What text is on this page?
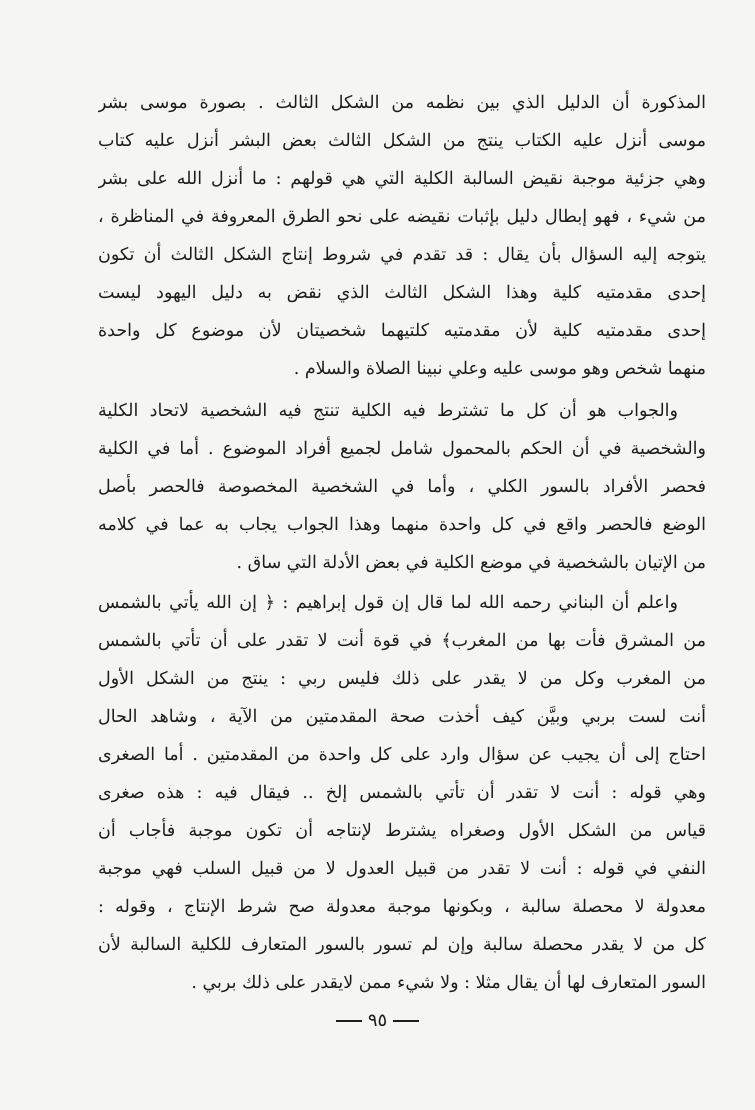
المذكورة أن الدليل الذي بين نظمه من الشكل الثالث . بصورة موسى بشر
موسى أنزل عليه الكتاب ينتج من الشكل الثالث بعض البشر أنزل عليه كتاب
وهي جزئية موجبة نقيض السالبة الكلية التي هي قولهم : ما أنزل الله على بشر
من شيء ، فهو إبطال دليل بإثبات نقيضه على نحو الطرق المعروفة في المناظرة ،
يتوجه إليه السؤال بأن يقال : قد تقدم في شروط إنتاج الشكل الثالث أن تكون
إحدى مقدمتيه كلية وهذا الشكل الثالث الذي نقض به دليل اليهود ليست
إحدى مقدمتيه كلية لأن مقدمتيه كلتيهما شخصيتان لأن موضوع كل واحدة
منهما شخص وهو موسى عليه وعلي نبينا الصلاة والسلام .
والجواب هو أن كل ما تشترط فيه الكلية تنتج فيه الشخصية لاتحاد الكلية
والشخصية في أن الحكم بالمحمول شامل لجميع أفراد الموضوع . أما في الكلية
فحصر الأفراد بالسور الكلي ، وأما في الشخصية المخصوصة فالحصر بأصل
الوضع فالحصر واقع في كل واحدة منهما وهذا الجواب يجاب به عما في كلامه
من الإتيان بالشخصية في موضع الكلية في بعض الأدلة التي ساق .
واعلم أن البناني رحمه الله لما قال إن قول إبراهيم : ﴿ إن الله يأتي بالشمس
من المشرق فأت بها من المغرب﴾ في قوة أنت لا تقدر على أن تأتي بالشمس
من المغرب وكل من لا يقدر على ذلك فليس ربي : ينتج من الشكل الأول
أنت لست بربي وبيَّن كيف أخذت صحة المقدمتين من الآية ، وشاهد الحال
احتاج إلى أن يجيب عن سؤال وارد على كل واحدة من المقدمتين . أما الصغرى
وهي قوله : أنت لا تقدر أن تأتي بالشمس إلخ .. فيقال فيه : هذه صغرى
قياس من الشكل الأول وصغراه يشترط لإنتاجه أن تكون موجبة فأجاب أن
النفي في قوله : أنت لا تقدر من قبيل العدول لا من قبيل السلب فهي موجبة
معدولة لا محصلة سالبة ، وبكونها موجبة معدولة صح شرط الإنتاج ، وقوله :
كل من لا يقدر محصلة سالبة وإن لم تسور بالسور المتعارف للكلية السالبة لأن
السور المتعارف لها أن يقال مثلا : ولا شيء ممن لايقدر على ذلك بربي .
٩٥
